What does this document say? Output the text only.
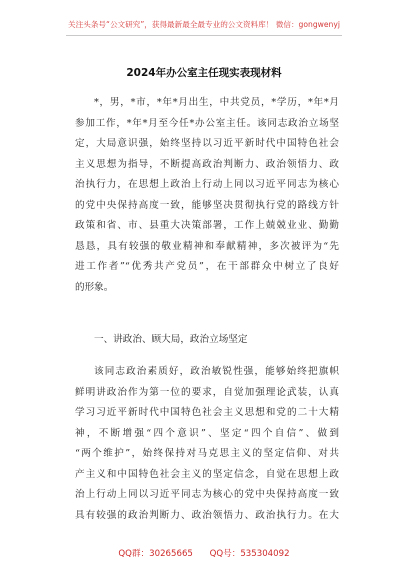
关注头条号“公文研究”，获得最新最全最专业的公文资料库！ 微信：gongwenyj
2024年办公室主任现实表现材料
*，男，*市，*年*月出生，中共党员，*学历，*年*月
参加工作，*年*月至今任*办公室主任。该同志政治立场坚
定，大局意识强，始终坚持以习近平新时代中国特色社会
主义思想为指导，不断提高政治判断力、政治领悟力、政
治执行力，在思想上政治上行动上同以习近平同志为核心
的党中央保持高度一致，能够坚决贯彻执行党的路线方针
政策和省、市、县重大决策部署，工作上兢兢业业、勤勤
恳恳，具有较强的敬业精神和奉献精神，多次被评为“先
进工作者”“优秀共产党员”，在干部群众中树立了良好
的形象。
一、讲政治、顾大局，政治立场坚定
该同志政治素质好，政治敏锐性强，能够始终把旗帜
鲜明讲政治作为第一位的要求，自觉加强理论武装，认真
学习习近平新时代中国特色社会主义思想和党的二十大精
神，不断增强“四个意识”、坚定“四个自信”、做到
“两个维护”，始终保持对马克思主义的坚定信仰、对共
产主义和中国特色社会主义的坚定信念，自觉在思想上政
治上行动上同以习近平同志为核心的党中央保持高度一致
具有较强的政治判断力、政治领悟力、政治执行力。在大
QQ群：30265665 QQ号：535304092
